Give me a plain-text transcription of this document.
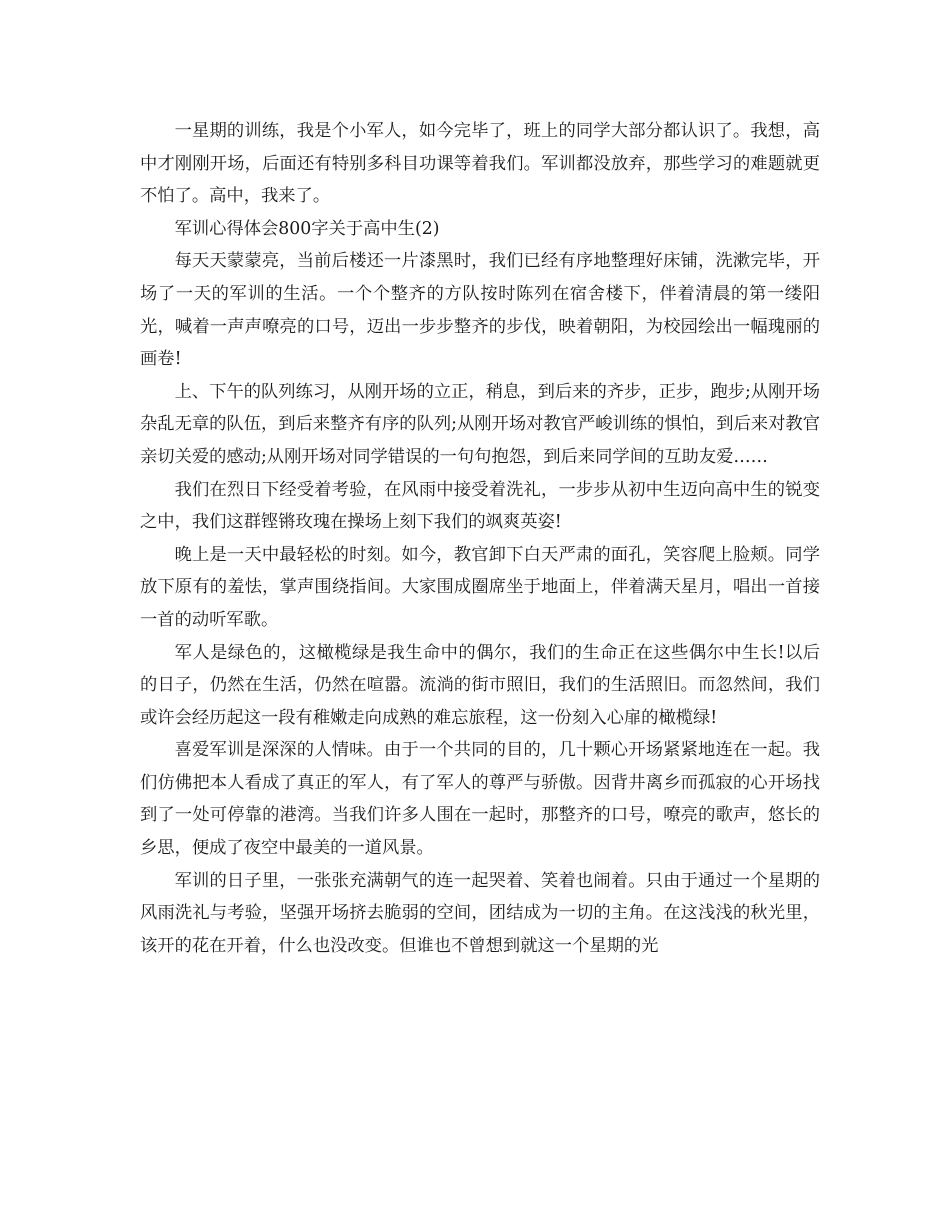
一星期的训练，我是个小军人，如今完毕了，班上的同学大部分都认识了。我想，高中才刚刚开场，后面还有特别多科目功课等着我们。军训都没放弃，那些学习的难题就更不怕了。高中，我来了。

军训心得体会800字关于高中生(2)

每天天蒙蒙亮，当前后楼还一片漆黑时，我们已经有序地整理好床铺，洗漱完毕，开场了一天的军训的生活。一个个整齐的方队按时陈列在宿舍楼下，伴着清晨的第一缕阳光，喊着一声声嘹亮的口号，迈出一步步整齐的步伐，映着朝阳，为校园绘出一幅瑰丽的画卷!

上、下午的队列练习，从刚开场的立正，稍息，到后来的齐步，正步，跑步;从刚开场杂乱无章的队伍，到后来整齐有序的队列;从刚开场对教官严峻训练的惧怕，到后来对教官亲切关爱的感动;从刚开场对同学错误的一句句抱怨，到后来同学间的互助友爱……

我们在烈日下经受着考验，在风雨中接受着洗礼，一步步从初中生迈向高中生的锐变之中，我们这群铿锵玫瑰在操场上刻下我们的飒爽英姿!

晚上是一天中最轻松的时刻。如今，教官卸下白天严肃的面孔，笑容爬上脸颊。同学放下原有的羞怯，掌声围绕指间。大家围成圈席坐于地面上，伴着满天星月，唱出一首接一首的动听军歌。

军人是绿色的，这橄榄绿是我生命中的偶尔，我们的生命正在这些偶尔中生长!以后的日子，仍然在生活，仍然在喧嚣。流淌的街市照旧，我们的生活照旧。而忽然间，我们或许会经历起这一段有稚嫩走向成熟的难忘旅程，这一份刻入心扉的橄榄绿!

喜爱军训是深深的人情味。由于一个共同的目的，几十颗心开场紧紧地连在一起。我们仿佛把本人看成了真正的军人，有了军人的尊严与骄傲。因背井离乡而孤寂的心开场找到了一处可停靠的港湾。当我们许多人围在一起时，那整齐的口号，嘹亮的歌声，悠长的乡思，便成了夜空中最美的一道风景。

军训的日子里，一张张充满朝气的连一起哭着、笑着也闹着。只由于通过一个星期的风雨洗礼与考验，坚强开场挤去脆弱的空间，团结成为一切的主角。在这浅浅的秋光里，该开的花在开着，什么也没改变。但谁也不曾想到就这一个星期的光
